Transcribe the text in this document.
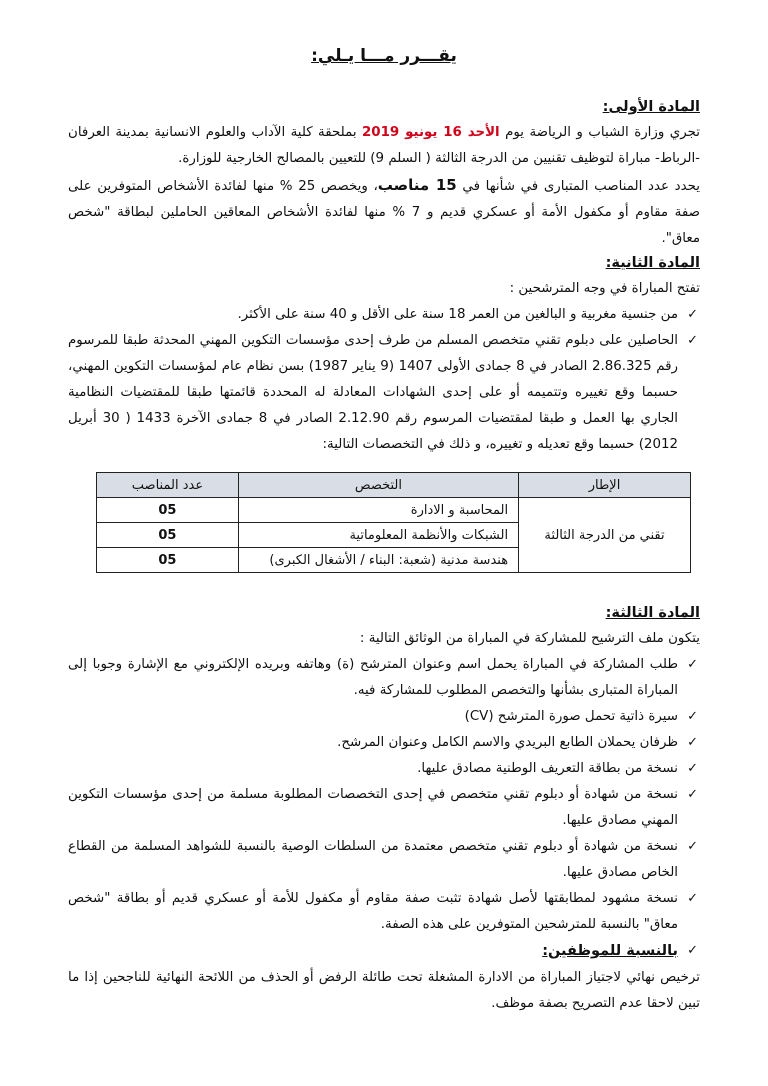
يقـــرر مـــا يـلي:
المادة الأولى:
تجري وزارة الشباب و الرياضة يوم الأحد 16 يونيو 2019 بملحقة كلية الآداب والعلوم الانسانية بمدينة العرفان -الرباط- مباراة لتوظيف تقنيين من الدرجة الثالثة ( السلم 9) للتعيين بالمصالح الخارجية للوزارة.
يحدد عدد المناصب المتبارى في شأنها في 15 مناصب، ويخصص 25 % منها لفائدة الأشخاص المتوفرين على صفة مقاوم أو مكفول الأمة أو عسكري قديم و 7 % منها لفائدة الأشخاص المعاقين الحاملين لبطاقة "شخص معاق".
المادة الثانية:
تفتح المباراة في وجه المترشحين :
✓ من جنسية مغربية و البالغين من العمر 18 سنة على الأقل و 40 سنة على الأكثر.
✓ الحاصلين على دبلوم تقني متخصص المسلم من طرف إحدى مؤسسات التكوين المهني المحدثة طبقا للمرسوم رقم 2.86.325 الصادر في 8 جمادى الأولى 1407 (9 يناير 1987) بسن نظام عام لمؤسسات التكوين المهني، حسبما وقع تغييره وتتميمه أو على إحدى الشهادات المعادلة له المحددة قائمتها طبقا للمقتضيات النظامية الجاري بها العمل و طبقا لمقتضيات المرسوم رقم 2.12.90 الصادر في 8 جمادى الآخرة 1433 ( 30 أبريل 2012) حسبما وقع تعديله و تغييره، و ذلك في التخصصات التالية:
الإطار	التخصص	عدد المناصب
تقني من الدرجة الثالثة	المحاسبة و الادارة	05
	الشبكات والأنظمة المعلوماتية	05
	هندسة مدنية (شعبة: البناء / الأشغال الكبرى)	05
المادة الثالثة:
يتكون ملف الترشيح للمشاركة في المباراة من الوثائق التالية :
✓ طلب المشاركة في المباراة يحمل اسم وعنوان المترشح (ة) وهاتفه وبريده الإلكتروني مع الإشارة وجوبا إلى المباراة المتبارى بشأنها والتخصص المطلوب للمشاركة فيه.
✓ سيرة ذاتية تحمل صورة المترشح (CV)
✓ ظرفان يحملان الطابع البريدي والاسم الكامل وعنوان المرشح.
✓ نسخة من بطاقة التعريف الوطنية مصادق عليها.
✓ نسخة من شهادة أو دبلوم تقني متخصص في إحدى التخصصات المطلوبة مسلمة من إحدى مؤسسات التكوين المهني مصادق عليها.
✓ نسخة من شهادة أو دبلوم تقني متخصص معتمدة من السلطات الوصية بالنسبة للشواهد المسلمة من القطاع الخاص مصادق عليها.
✓ نسخة مشهود لمطابقتها لأصل شهادة تثبت صفة مقاوم أو مكفول للأمة أو عسكري قديم أو بطاقة "شخص معاق" بالنسبة للمترشحين المتوفرين على هذه الصفة.
✓ بالنسبة للموظفين:
ترخيص نهائي لاجتياز المباراة من الادارة المشغلة تحت طائلة الرفض أو الحذف من اللائحة النهائية للناجحين إذا ما تبين لاحقا عدم التصريح بصفة موظف.
